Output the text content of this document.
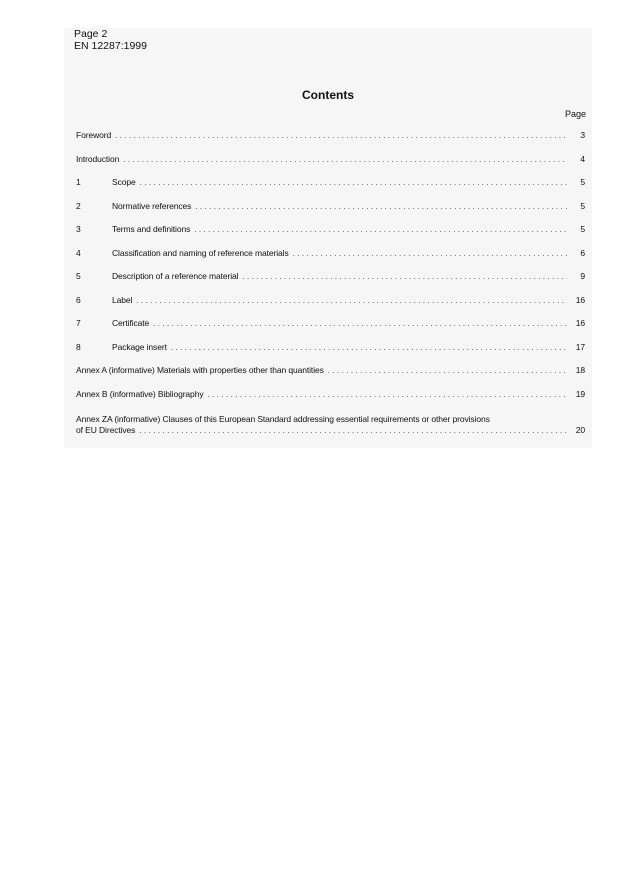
Page 2
EN 12287:1999
Contents
Page
Foreword .....	3
Introduction .....	4
1	Scope .....	5
2	Normative references .....	5
3	Terms and definitions .....	5
4	Classification and naming of reference materials .....	6
5	Description of a reference material .....	9
6	Label .....	16
7	Certificate .....	16
8	Package insert .....	17
Annex A (informative) Materials with properties other than quantities .....	18
Annex B (informative) Bibliography .....	19
Annex ZA (informative) Clauses of this European Standard addressing essential requirements or other provisions
of EU Directives .....	20
